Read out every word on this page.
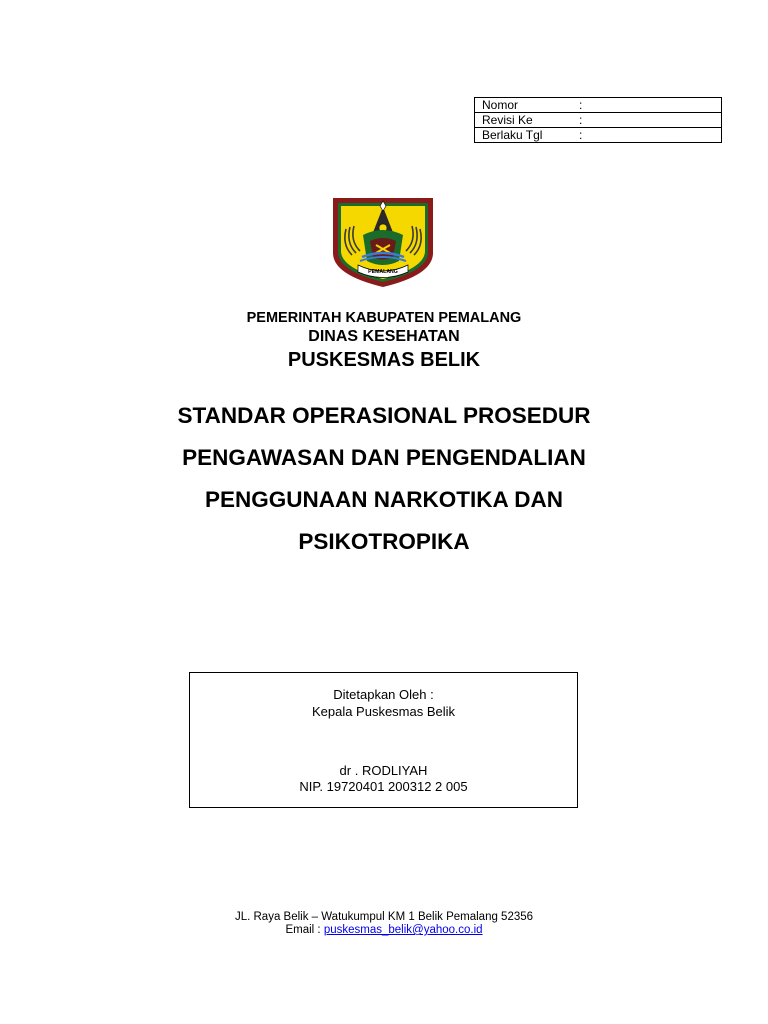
Nomor	:
Revisi Ke	:
Berlaku Tgl	:
PEMALANG
PEMERINTAH KABUPATEN PEMALANG
DINAS KESEHATAN
PUSKESMAS BELIK
STANDAR OPERASIONAL PROSEDUR
PENGAWASAN DAN PENGENDALIAN
PENGGUNAAN NARKOTIKA DAN
PSIKOTROPIKA
Ditetapkan Oleh :
Kepala Puskesmas Belik
dr . RODLIYAH
NIP. 19720401 200312 2 005
JL. Raya Belik – Watukumpul KM 1 Belik Pemalang 52356
Email : puskesmas_belik@yahoo.co.id
